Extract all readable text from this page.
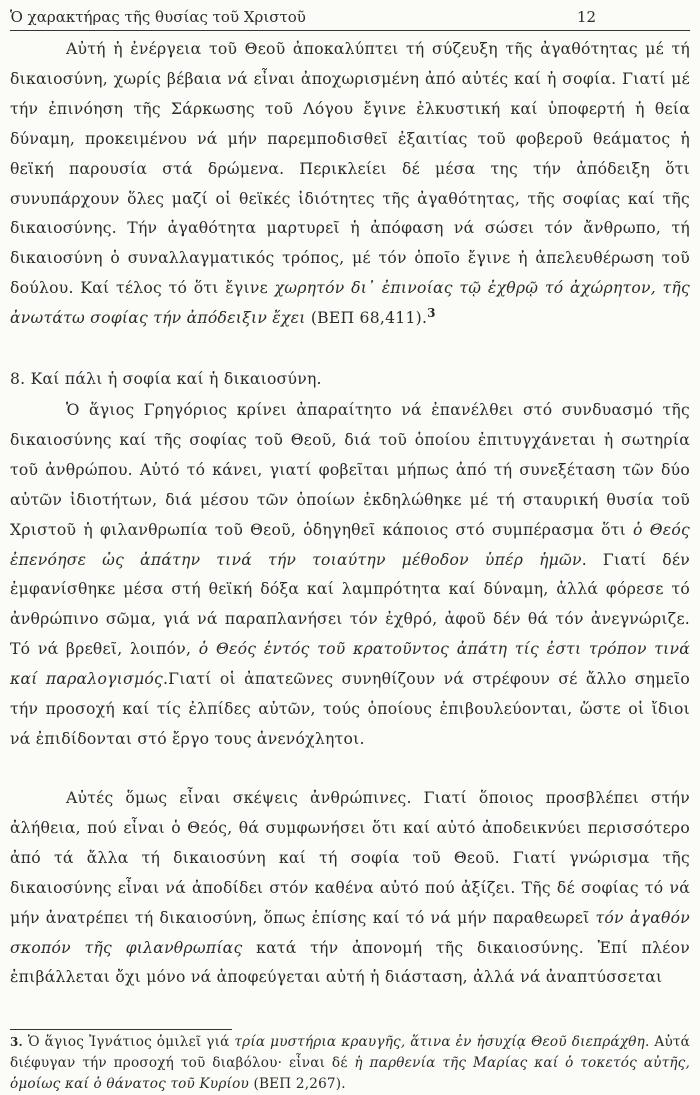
Ὁ χαρακτήρας τῆς θυσίας τοῦ Χριστοῦ	12

Αὐτή ἡ ἐνέργεια τοῦ Θεοῦ ἀποκαλύπτει τή σύζευξη τῆς ἀγαθότητας μέ τή δικαιοσύνη, χωρίς βέβαια νά εἶναι ἀποχωρισμένη ἀπό αὐτές καί ἡ σοφία. Γιατί μέ τήν ἐπινόηση τῆς Σάρκωσης τοῦ Λόγου ἔγινε ἑλκυστική καί ὑποφερτή ἡ θεία δύναμη, προκειμένου νά μήν παρεμποδισθεῖ ἐξαιτίας τοῦ φοβεροῦ θεάματος ἡ θεϊκή παρουσία στά δρώμενα. Περικλείει δέ μέσα της τήν ἀπόδειξη ὅτι συνυπάρχουν ὅλες μαζί οἱ θεϊκές ἰδιότητες τῆς ἀγαθότητας, τῆς σοφίας καί τῆς δικαιοσύνης. Τήν ἀγαθότητα μαρτυρεῖ ἡ ἀπόφαση νά σώσει τόν ἄνθρωπο, τή δικαιοσύνη ὁ συναλλαγματικός τρόπος, μέ τόν ὁποῖο ἔγινε ἡ ἀπελευθέρωση τοῦ δούλου. Καί τέλος τό ὅτι ἔγινε χωρητόν δι᾽ ἐπινοίας τῷ ἐχθρῷ τό ἀχώρητον, τῆς ἀνωτάτω σοφίας τήν ἀπόδειξιν ἔχει (ΒΕΠ 68,411).$^3$

8. Καί πάλι ἡ σοφία καί ἡ δικαιοσύνη.

Ὁ ἅγιος Γρηγόριος κρίνει ἀπαραίτητο νά ἐπανέλθει στό συνδυασμό τῆς δικαιοσύνης καί τῆς σοφίας τοῦ Θεοῦ, διά τοῦ ὁποίου ἐπιτυγχάνεται ἡ σωτηρία τοῦ ἀνθρώπου. Αὐτό τό κάνει, γιατί φοβεῖται μήπως ἀπό τή συνεξέταση τῶν δύο αὐτῶν ἰδιοτήτων, διά μέσου τῶν ὁποίων ἐκδηλώθηκε μέ τή σταυρική θυσία τοῦ Χριστοῦ ἡ φιλανθρωπία τοῦ Θεοῦ, ὁδηγηθεῖ κάποιος στό συμπέρασμα ὅτι ὁ Θεός ἐπενόησε ὡς ἀπάτην τινά τήν τοιαύτην μέθοδον ὑπέρ ἡμῶν. Γιατί δέν ἐμφανίσθηκε μέσα στή θεϊκή δόξα καί λαμπρότητα καί δύναμη, ἀλλά φόρεσε τό ἀνθρώπινο σῶμα, γιά νά παραπλανήσει τόν ἐχθρό, ἀφοῦ δέν θά τόν ἀνεγνώριζε. Τό νά βρεθεῖ, λοιπόν, ὁ Θεός ἐντός τοῦ κρατοῦντος ἀπάτη τίς ἐστι τρόπον τινά καί παραλογισμός.Γιατί οἱ ἀπατεῶνες συνηθίζουν νά στρέφουν σέ ἄλλο σημεῖο τήν προσοχή καί τίς ἐλπίδες αὐτῶν, τούς ὁποίους ἐπιβουλεύονται, ὥστε οἱ ἴδιοι νά ἐπιδίδονται στό ἔργο τους ἀνενόχλητοι.

Αὐτές ὅμως εἶναι σκέψεις ἀνθρώπινες. Γιατί ὅποιος προσβλέπει στήν ἀλήθεια, πού εἶναι ὁ Θεός, θά συμφωνήσει ὅτι καί αὐτό ἀποδεικνύει περισσότερο ἀπό τά ἄλλα τή δικαιοσύνη καί τή σοφία τοῦ Θεοῦ. Γιατί γνώρισμα τῆς δικαιοσύνης εἶναι νά ἀποδίδει στόν καθένα αὐτό πού ἀξίζει. Τῆς δέ σοφίας τό νά μήν ἀνατρέπει τή δικαιοσύνη, ὅπως ἐπίσης καί τό νά μήν παραθεωρεῖ τόν ἀγαθόν σκοπόν τῆς φιλανθρωπίας κατά τήν ἀπονομή τῆς δικαιοσύνης. Ἐπί πλέον ἐπιβάλλεται ὄχι μόνο νά ἀποφεύγεται αὐτή ἡ διάσταση, ἀλλά νά ἀναπτύσσεται

3. Ὁ ἅγιος Ἰγνάτιος ὁμιλεῖ γιά τρία μυστήρια κραυγῆς, ἅτινα ἐν ἡσυχίᾳ Θεοῦ διεπράχθη. Αὐτά διέφυγαν τήν προσοχή τοῦ διαβόλου· εἶναι δέ ἡ παρθενία τῆς Μαρίας καί ὁ τοκετός αὐτῆς, ὁμοίως καί ὁ θάνατος τοῦ Κυρίου (ΒΕΠ 2,267).
